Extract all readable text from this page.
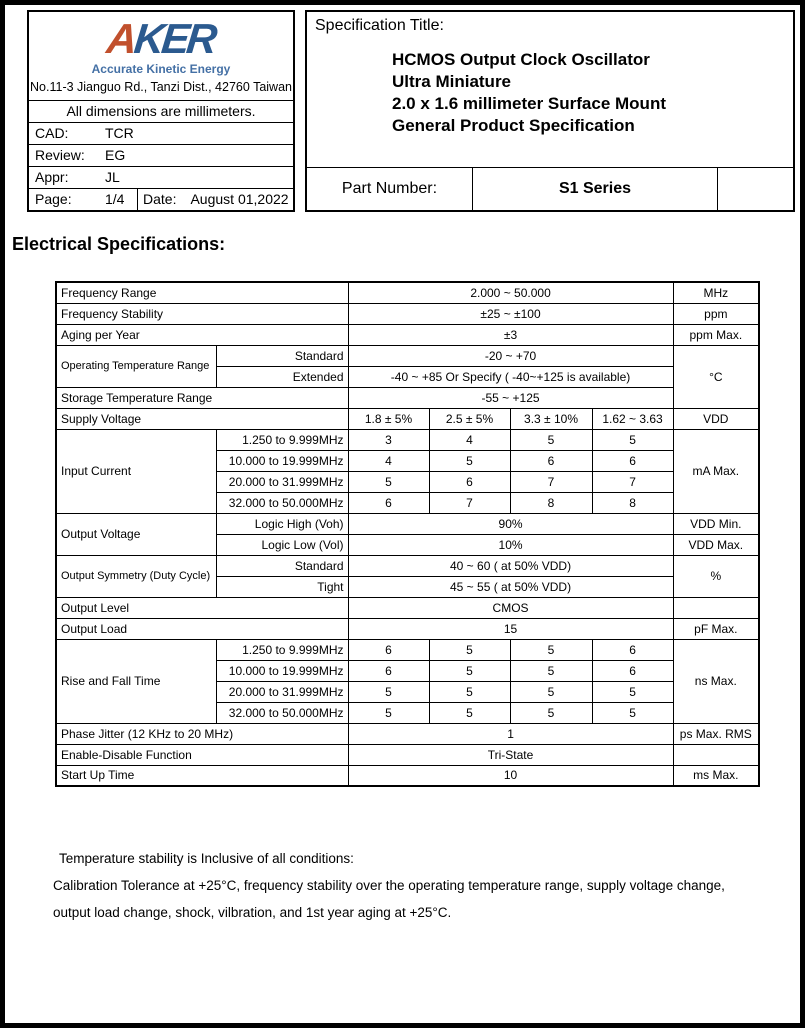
AKER
Accurate Kinetic Energy
No.11-3 Jianguo Rd., Tanzi Dist., 42760 Taiwan
All dimensions are millimeters.
CAD:	TCR
Review:	EG
Appr:	JL
Page:	1/4	Date: August 01,2022
Specification Title:
HCMOS Output Clock Oscillator
Ultra Miniature
2.0 x 1.6 millimeter Surface Mount
General Product Specification
Part Number:	S1 Series
Electrical Specifications:
Frequency Range		2.000 ~ 50.000				MHz
Frequency Stability		±25 ~ ±100				ppm
Aging per Year		±3				ppm Max.
Operating Temperature Range	Standard	-20 ~ +70				°C
	Extended	-40 ~ +85 Or Specify ( -40~+125 is available)				
Storage Temperature Range		-55 ~ +125				
Supply Voltage		1.8 ± 5%	2.5 ± 5%	3.3 ± 10%	1.62 ~ 3.63	VDD
Input Current	1.250 to 9.999MHz	3	4	5	5	mA Max.
	10.000 to 19.999MHz	4	5	6	6	
	20.000 to 31.999MHz	5	6	7	7	
	32.000 to 50.000MHz	6	7	8	8	
Output Voltage	Logic High (Voh)	90%				VDD Min.
	Logic Low (Vol)	10%				VDD Max.
Output Symmetry (Duty Cycle)	Standard	40 ~ 60 ( at 50% VDD)				%
	Tight	45 ~ 55 ( at 50% VDD)				
Output Level		CMOS				
Output Load		15				pF Max.
Rise and Fall Time	1.250 to 9.999MHz	6	5	5	6	ns Max.
	10.000 to 19.999MHz	6	5	5	6	
	20.000 to 31.999MHz	5	5	5	5	
	32.000 to 50.000MHz	5	5	5	5	
Phase Jitter (12 KHz to 20 MHz)		1				ps Max. RMS
Enable-Disable Function		Tri-State				
Start Up Time		10				ms Max.
Temperature stability is Inclusive of all conditions:
Calibration Tolerance at +25°C, frequency stability over the operating temperature range, supply voltage change,
output load change, shock, vilbration, and 1st year aging at +25°C.
